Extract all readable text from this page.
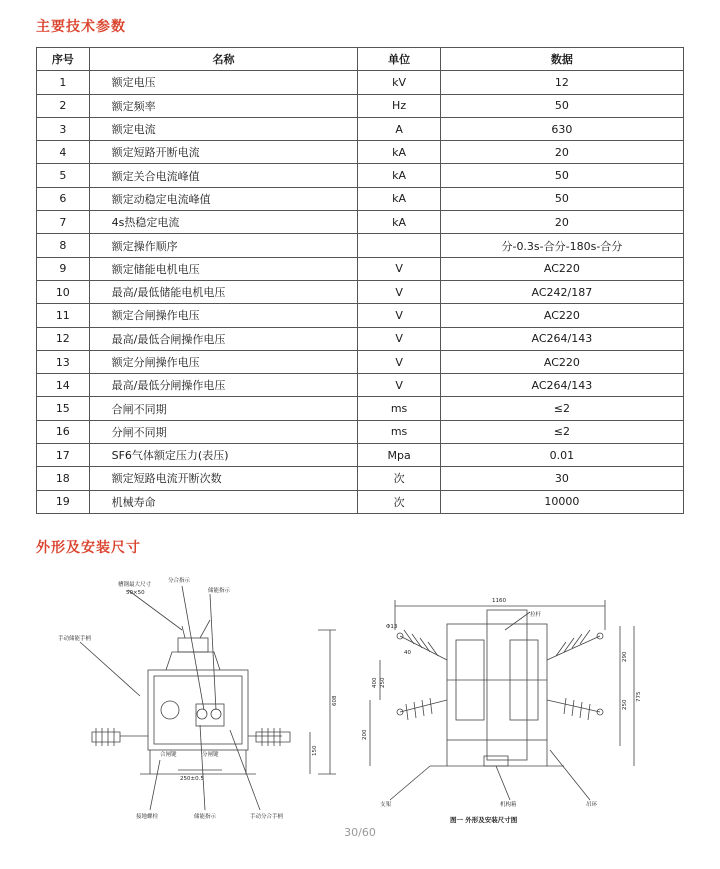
主要技术参数
序号	名称	单位	数据
1	额定电压	kV	12
2	额定频率	Hz	50
3	额定电流	A	630
4	额定短路开断电流	kA	20
5	额定关合电流峰值	kA	50
6	额定动稳定电流峰值	kA	50
7	4s热稳定电流	kA	20
8	额定操作顺序		分-0.3s-合分-180s-合分
9	额定储能电机电压	V	AC220
10	最高/最低储能电机电压	V	AC242/187
11	额定合闸操作电压	V	AC220
12	最高/最低合闸操作电压	V	AC264/143
13	额定分闸操作电压	V	AC220
14	最高/最低分闸操作电压	V	AC264/143
15	合闸不同期	ms	≤2
16	分闸不同期	ms	≤2
17	SF6气体额定压力(表压)	Mpa	0.01
18	额定短路电流开断次数	次	30
19	机械寿命	次	10000
外形及安装尺寸
手动储能手柄
槽钢最大尺寸
50×50
分合指示
储能指示
合闸键	分闸键
250±0.5
608
150
接地螺栓	储能指示	手动分合手柄
1160
拉杆
Φ13
40
400 250
290
250
775
200
支架	机构箱	吊环
图一 外形及安装尺寸图
30/60
